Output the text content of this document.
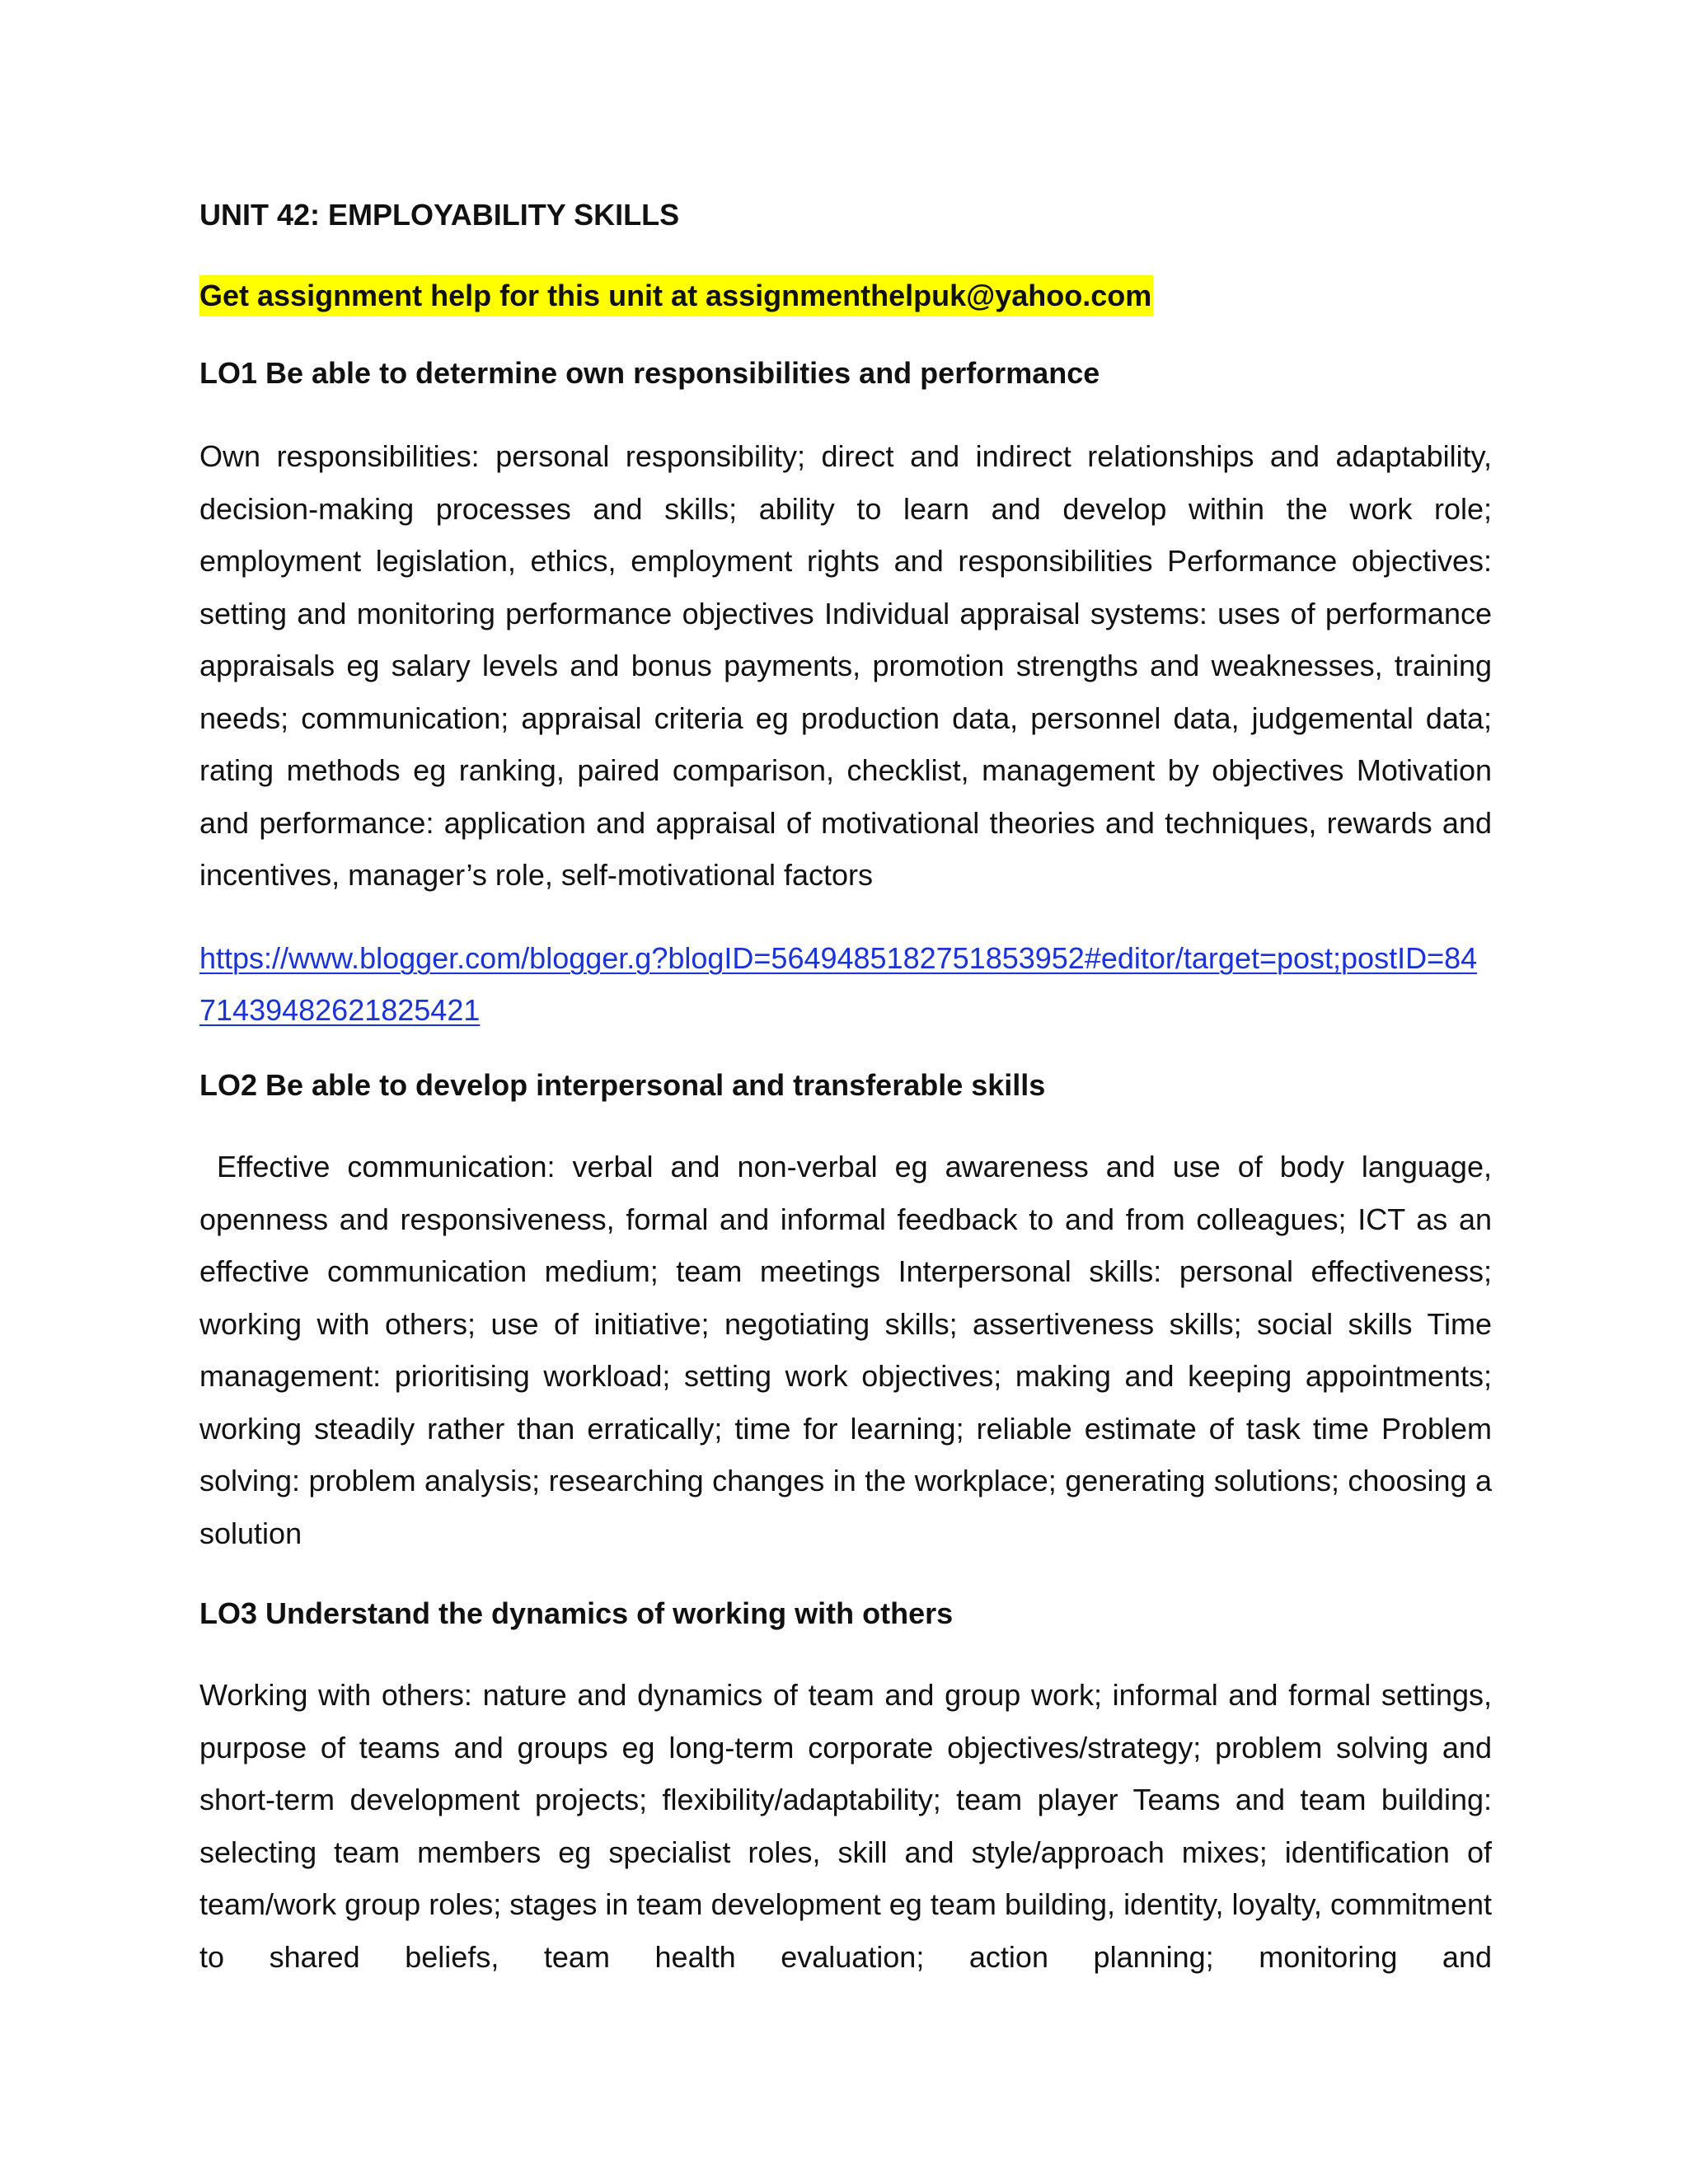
UNIT 42: EMPLOYABILITY SKILLS
Get assignment help for this unit at assignmenthelpuk@yahoo.com
LO1 Be able to determine own responsibilities and performance

Own responsibilities: personal responsibility; direct and indirect relationships and adaptability, decision-making processes and skills; ability to learn and develop within the work role; employment legislation, ethics, employment rights and responsibilities Performance objectives: setting and monitoring performance objectives Individual appraisal systems: uses of performance appraisals eg salary levels and bonus payments, promotion strengths and weaknesses, training needs; communication; appraisal criteria eg production data, personnel data, judgemental data; rating methods eg ranking, paired comparison, checklist, management by objectives Motivation and performance: application and appraisal of motivational theories and techniques, rewards and incentives, manager’s role, self-motivational factors

https://www.blogger.com/blogger.g?blogID=5649485182751853952#editor/target=post;postID=8471439482621825421
LO2 Be able to develop interpersonal and transferable skills

Effective communication: verbal and non-verbal eg awareness and use of body language, openness and responsiveness, formal and informal feedback to and from colleagues; ICT as an effective communication medium; team meetings Interpersonal skills: personal effectiveness; working with others; use of initiative; negotiating skills; assertiveness skills; social skills Time management: prioritising workload; setting work objectives; making and keeping appointments; working steadily rather than erratically; time for learning; reliable estimate of task time Problem solving: problem analysis; researching changes in the workplace; generating solutions; choosing a solution

LO3 Understand the dynamics of working with others

Working with others: nature and dynamics of team and group work; informal and formal settings, purpose of teams and groups eg long-term corporate objectives/strategy; problem solving and short-term development projects; flexibility/adaptability; team player Teams and team building: selecting team members eg specialist roles, skill and style/approach mixes; identification of team/work group roles; stages in team development eg team building, identity, loyalty, commitment to shared beliefs, team health evaluation; action planning; monitoring and
